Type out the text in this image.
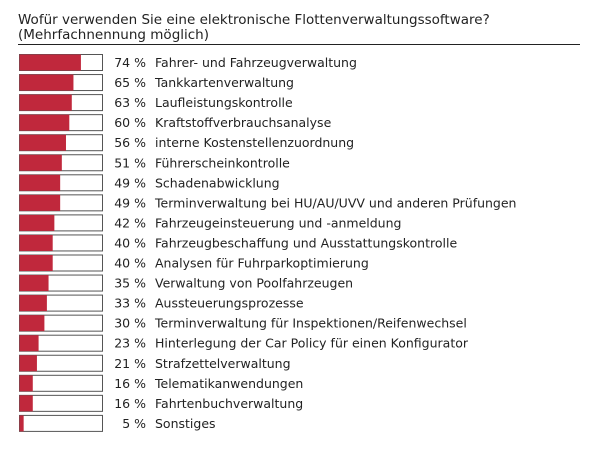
Wofür verwenden Sie eine elektronische Flottenverwaltungssoftware? (Mehrfachnennung möglich)
74 % Fahrer- und Fahrzeugverwaltung
65 % Tankkartenverwaltung
63 % Laufleistungskontrolle
60 % Kraftstoffverbrauchsanalyse
56 % interne Kostenstellenzuordnung
51 % Führerscheinkontrolle
49 % Schadenabwicklung
49 % Terminverwaltung bei HU/AU/UVV und anderen Prüfungen
42 % Fahrzeugeinsteuerung und -anmeldung
40 % Fahrzeugbeschaffung und Ausstattungskontrolle
40 % Analysen für Fuhrparkoptimierung
35 % Verwaltung von Poolfahrzeugen
33 % Aussteuerungsprozesse
30 % Terminverwaltung für Inspektionen/Reifenwechsel
23 % Hinterlegung der Car Policy für einen Konfigurator
21 % Strafzettelverwaltung
16 % Telematikanwendungen
16 % Fahrtenbuchverwaltung
5 % Sonstiges
